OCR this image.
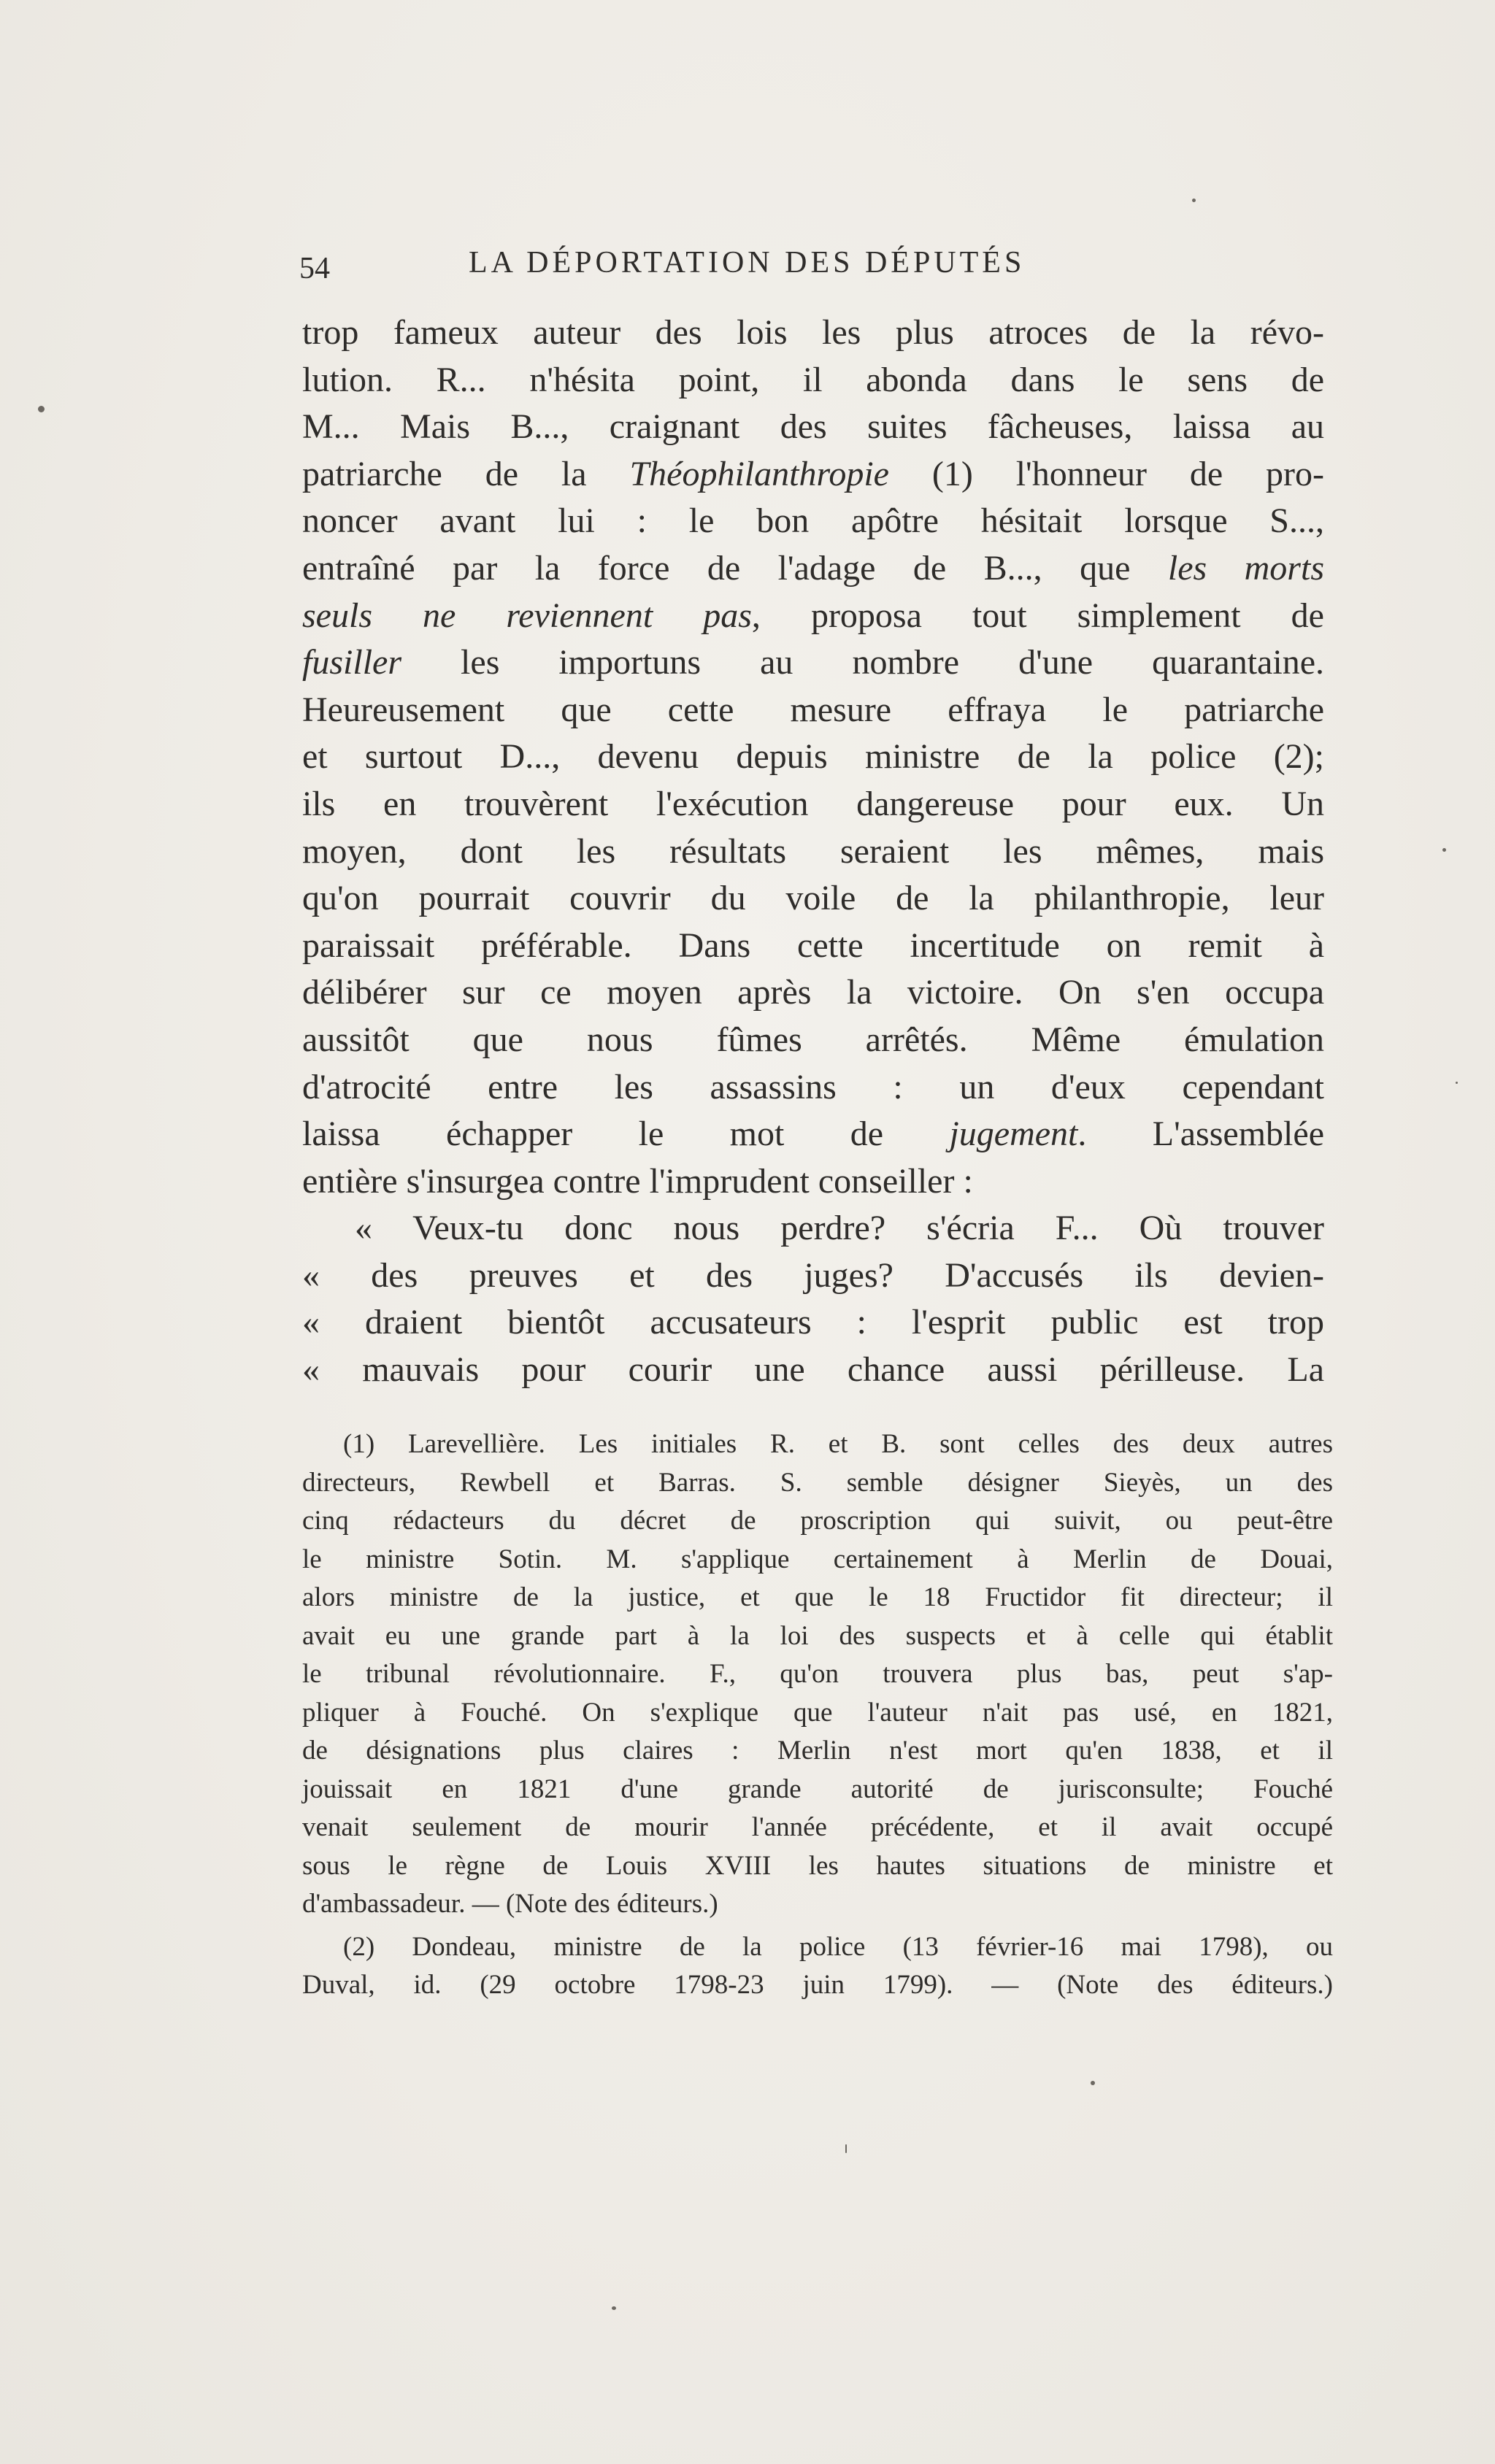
54	LA DÉPORTATION DES DÉPUTÉS
trop fameux auteur des lois les plus atroces de la révo-
lution. R... n'hésita point, il abonda dans le sens de
M... Mais B..., craignant des suites fâcheuses, laissa au
patriarche de la Théophilanthropie (1) l'honneur de pro-
noncer avant lui : le bon apôtre hésitait lorsque S...,
entraîné par la force de l'adage de B..., que les morts
seuls ne reviennent pas, proposa tout simplement de
fusiller les importuns au nombre d'une quarantaine.
Heureusement que cette mesure effraya le patriarche
et surtout D..., devenu depuis ministre de la police (2);
ils en trouvèrent l'exécution dangereuse pour eux. Un
moyen, dont les résultats seraient les mêmes, mais
qu'on pourrait couvrir du voile de la philanthropie, leur
paraissait préférable. Dans cette incertitude on remit à
délibérer sur ce moyen après la victoire. On s'en occupa
aussitôt que nous fûmes arrêtés. Même émulation
d'atrocité entre les assassins : un d'eux cependant
laissa échapper le mot de jugement. L'assemblée
entière s'insurgea contre l'imprudent conseiller :
« Veux-tu donc nous perdre? s'écria F... Où trouver
« des preuves et des juges? D'accusés ils devien-
« draient bientôt accusateurs : l'esprit public est trop
« mauvais pour courir une chance aussi périlleuse. La
(1) Larevellière. Les initiales R. et B. sont celles des deux autres
directeurs, Rewbell et Barras. S. semble désigner Sieyès, un des
cinq rédacteurs du décret de proscription qui suivit, ou peut-être
le ministre Sotin. M. s'applique certainement à Merlin de Douai,
alors ministre de la justice, et que le 18 Fructidor fit directeur; il
avait eu une grande part à la loi des suspects et à celle qui établit
le tribunal révolutionnaire. F., qu'on trouvera plus bas, peut s'ap-
pliquer à Fouché. On s'explique que l'auteur n'ait pas usé, en 1821,
de désignations plus claires : Merlin n'est mort qu'en 1838, et il
jouissait en 1821 d'une grande autorité de jurisconsulte; Fouché
venait seulement de mourir l'année précédente, et il avait occupé
sous le règne de Louis XVIII les hautes situations de ministre et
d'ambassadeur. — (Note des éditeurs.)
(2) Dondeau, ministre de la police (13 février-16 mai 1798), ou
Duval, id. (29 octobre 1798-23 juin 1799). — (Note des éditeurs.)
